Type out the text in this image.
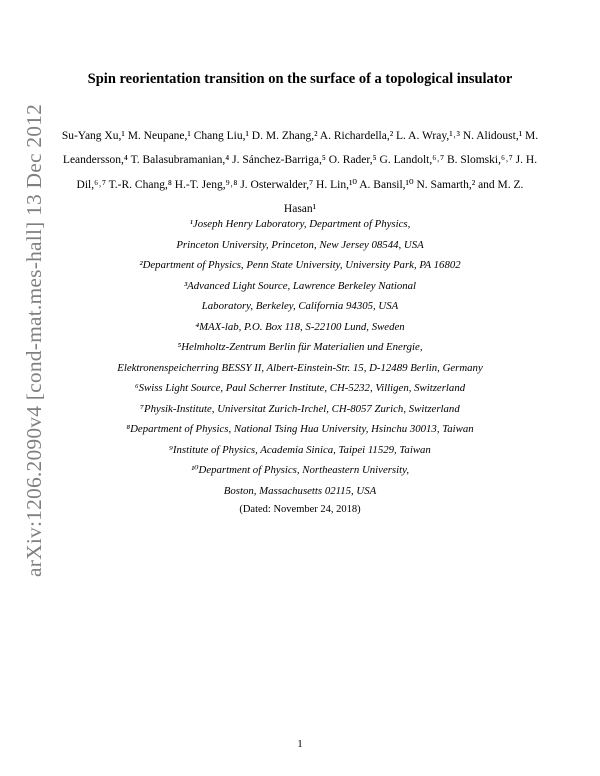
arXiv:1206.2090v4 [cond-mat.mes-hall] 13 Dec 2012
Spin reorientation transition on the surface of a topological insulator
Su-Yang Xu,¹ M. Neupane,¹ Chang Liu,¹ D. M. Zhang,² A. Richardella,² L. A. Wray,¹˒³ N. Alidoust,¹ M. Leandersson,⁴ T. Balasubramanian,⁴ J. Sánchez-Barriga,⁵ O. Rader,⁵ G. Landolt,⁶˒⁷ B. Slomski,⁶˒⁷ J. H. Dil,⁶˒⁷ T.-R. Chang,⁸ H.-T. Jeng,⁹˒⁸ J. Osterwalder,⁷ H. Lin,¹⁰ A. Bansil,¹⁰ N. Samarth,² and M. Z. Hasan¹
¹Joseph Henry Laboratory, Department of Physics,
Princeton University, Princeton, New Jersey 08544, USA
²Department of Physics, Penn State University, University Park, PA 16802
³Advanced Light Source, Lawrence Berkeley National
Laboratory, Berkeley, California 94305, USA
⁴MAX-lab, P.O. Box 118, S-22100 Lund, Sweden
⁵Helmholtz-Zentrum Berlin für Materialien und Energie,
Elektronenspeicherring BESSY II, Albert-Einstein-Str. 15, D-12489 Berlin, Germany
⁶Swiss Light Source, Paul Scherrer Institute, CH-5232, Villigen, Switzerland
⁷Physik-Institute, Universitat Zurich-Irchel, CH-8057 Zurich, Switzerland
⁸Department of Physics, National Tsing Hua University, Hsinchu 30013, Taiwan
⁹Institute of Physics, Academia Sinica, Taipei 11529, Taiwan
¹⁰Department of Physics, Northeastern University,
Boston, Massachusetts 02115, USA
(Dated: November 24, 2018)
1
